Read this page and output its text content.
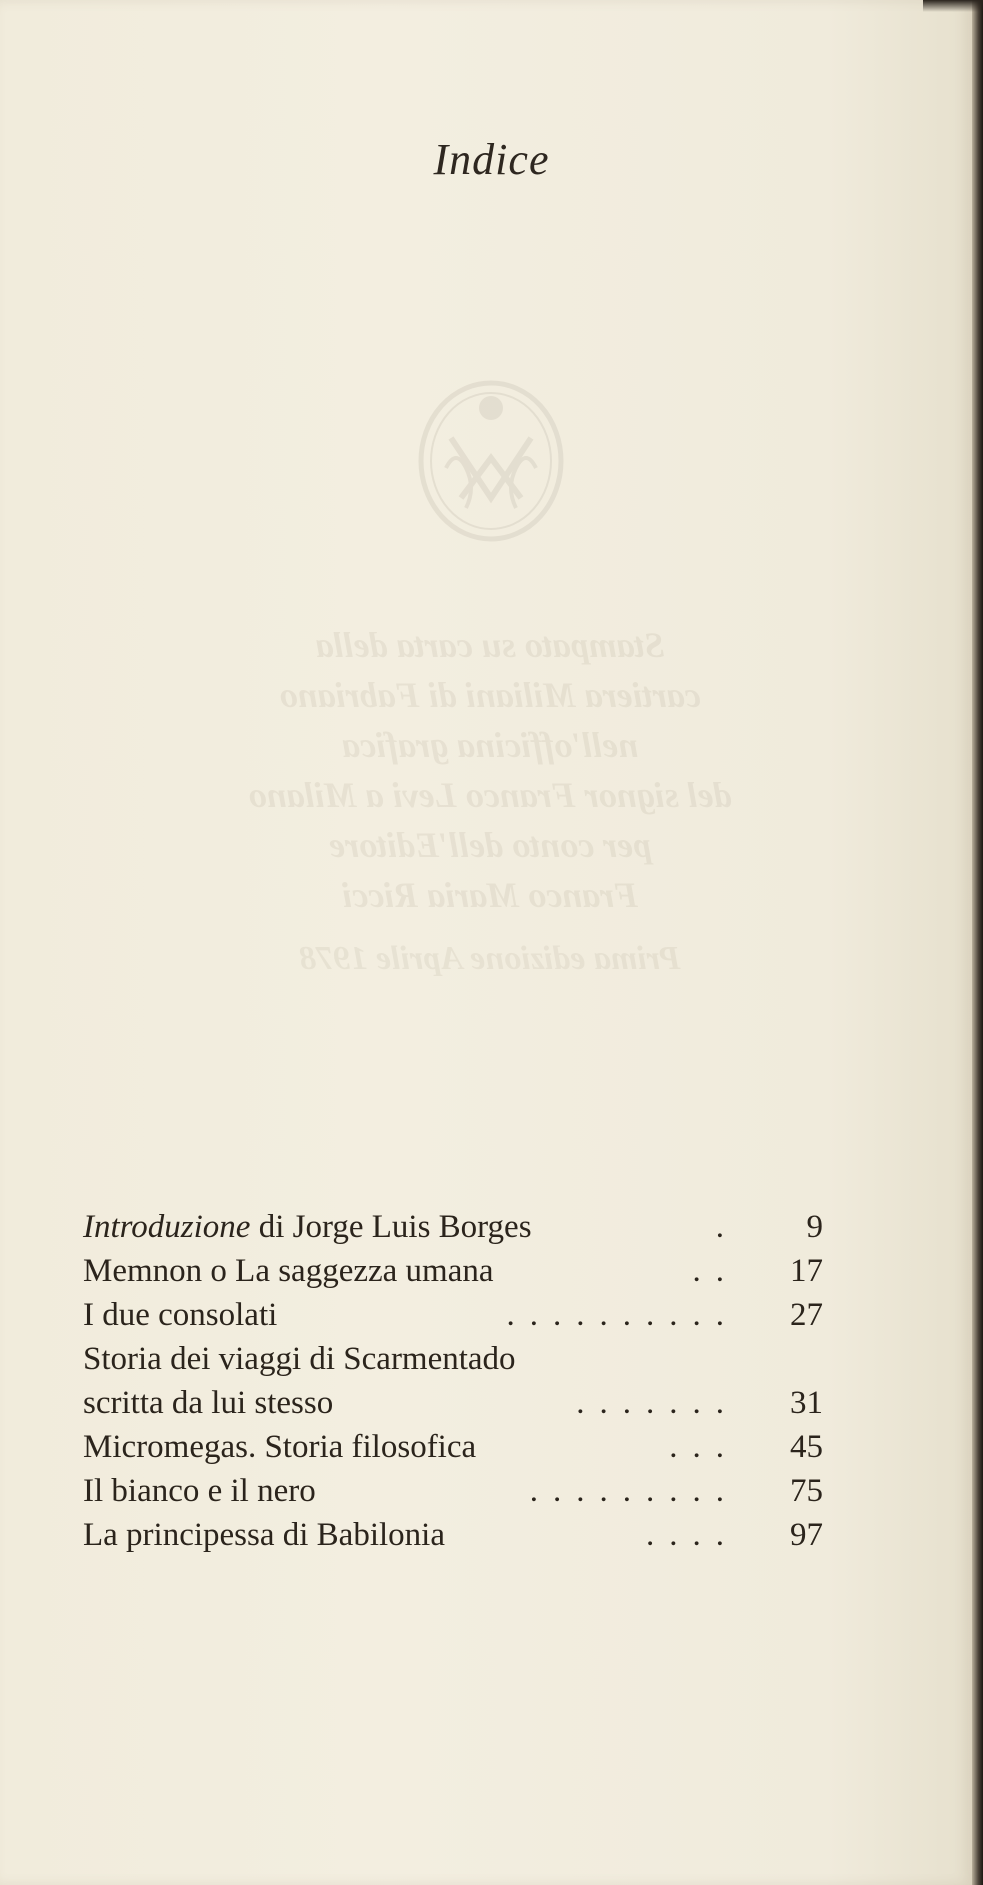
Indice
Stampato su carta della
cartiera Miliani di Fabriano
nell'officina grafica
del signor Franco Levi a Milano
per conto dell'Editore
Franco Maria Ricci
Prima edizione Aprile 1978
Introduzione di Jorge Luis Borges	.	9
Memnon o La saggezza umana	..	17
I due consolati	..........	27
Storia dei viaggi di Scarmentado
scritta da lui stesso	.......	31
Micromegas. Storia filosofica	...	45
Il bianco e il nero	.........	75
La principessa di Babilonia	....	97
